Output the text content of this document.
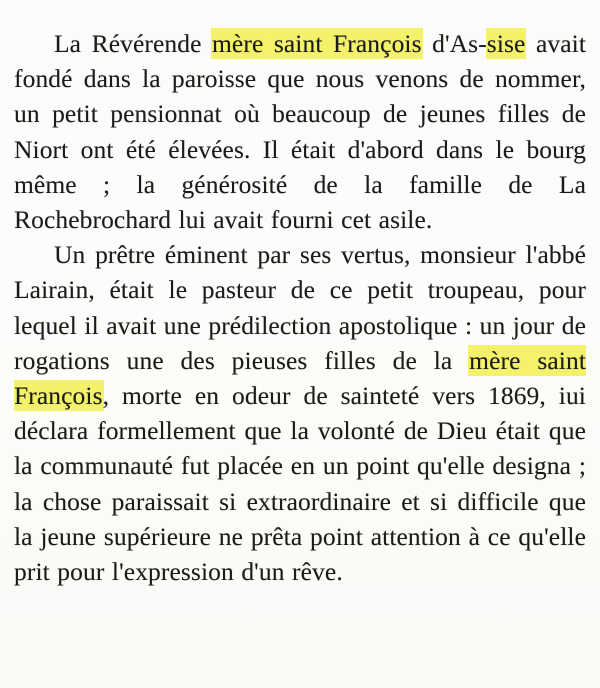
La Révérende mère saint François d'As-sise avait fondé dans la paroisse que nous venons de nommer, un petit pensionnat où beaucoup de jeunes filles de Niort ont été élevées. Il était d'abord dans le bourg même ; la générosité de la famille de La Rochebrochard lui avait fourni cet asile.

Un prêtre éminent par ses vertus, monsieur l'abbé Lairain, était le pasteur de ce petit troupeau, pour lequel il avait une prédilection apostolique : un jour de rogations une des pieuses filles de la mère saint François, morte en odeur de sainteté vers 1869, iui déclara formellement que la volonté de Dieu était que la communauté fut placée en un point qu'elle designa ; la chose paraissait si extraordinaire et si difficile que la jeune supérieure ne prêta point attention à ce qu'elle prit pour l'expression d'un rêve.
